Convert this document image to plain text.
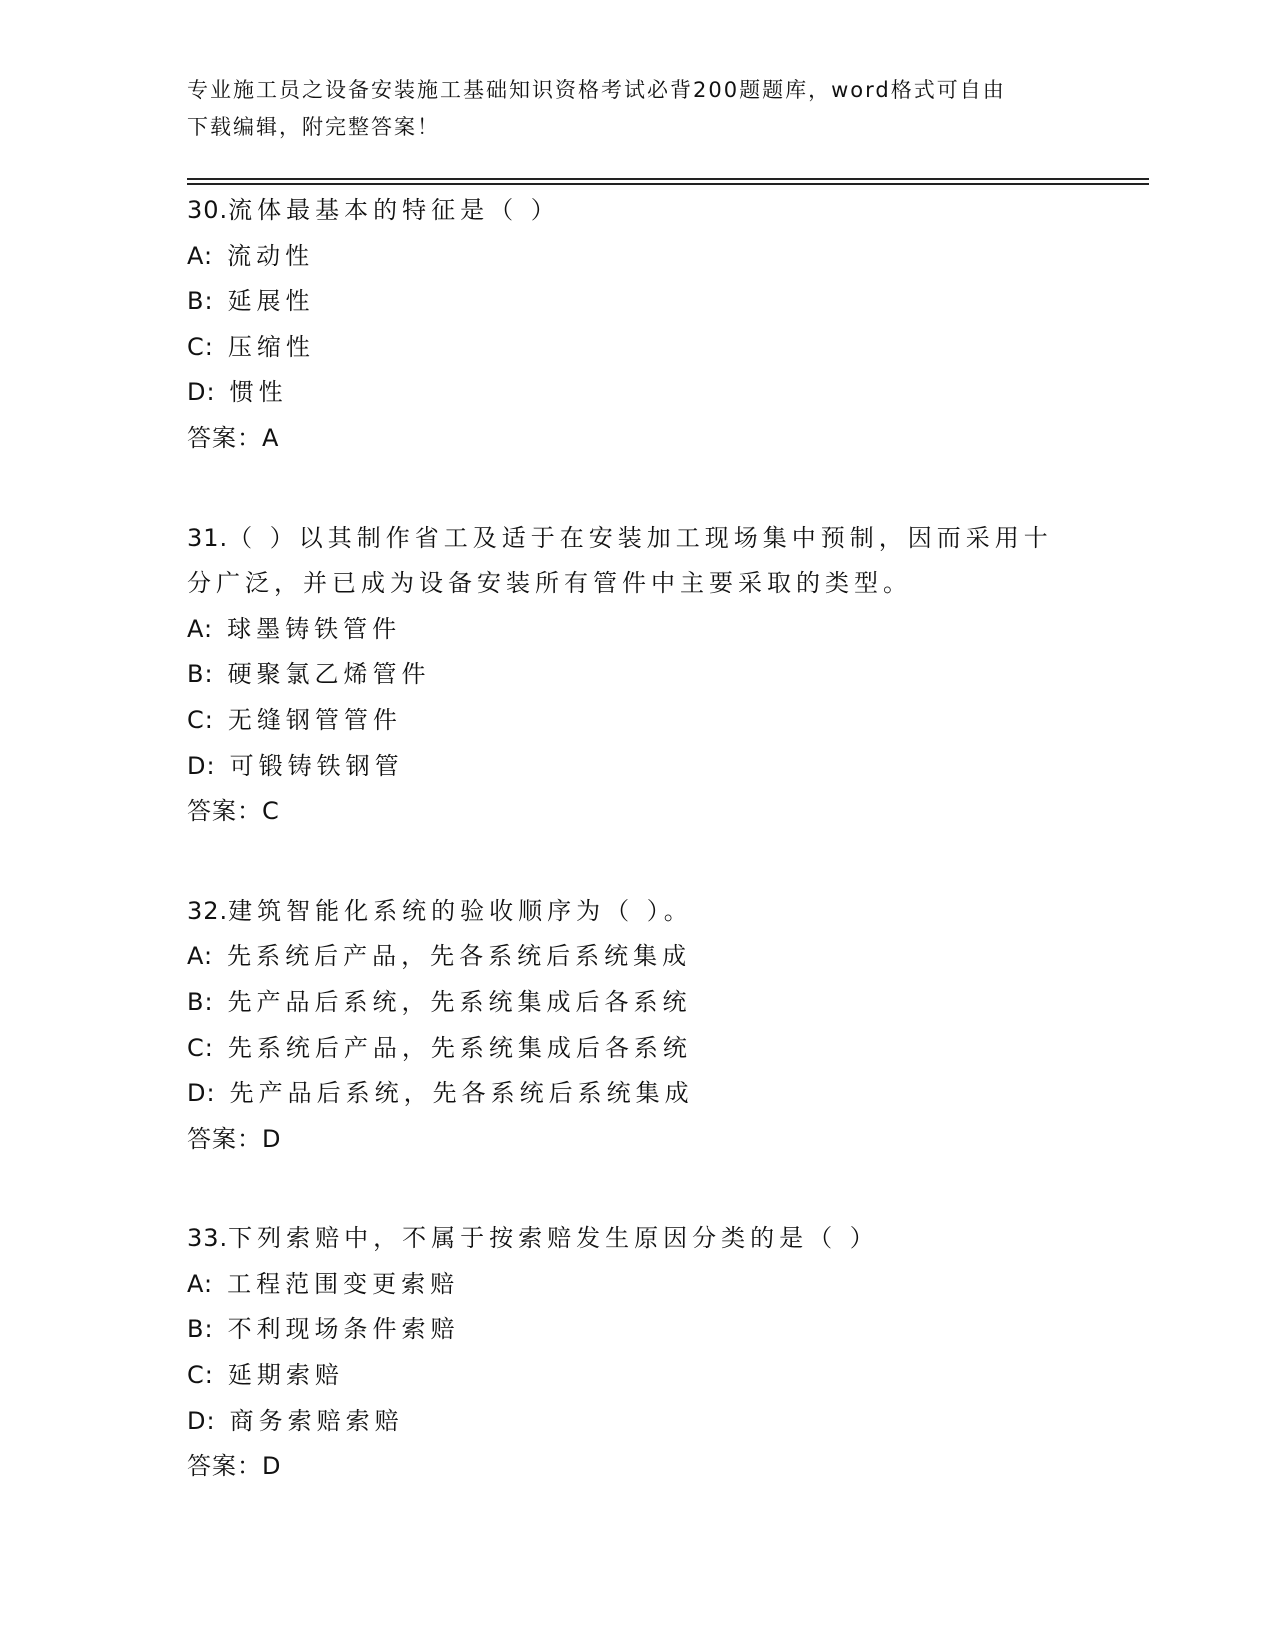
专业施工员之设备安装施工基础知识资格考试必背200题题库，word格式可自由
下载编辑，附完整答案！
30.流体最基本的特征是（ ）
A: 流动性
B: 延展性
C: 压缩性
D: 惯性
答案：A
31.（ ）以其制作省工及适于在安装加工现场集中预制，因而采用十
分广泛，并已成为设备安装所有管件中主要采取的类型。
A: 球墨铸铁管件
B: 硬聚氯乙烯管件
C: 无缝钢管管件
D: 可锻铸铁钢管
答案：C
32.建筑智能化系统的验收顺序为（ ）。
A: 先系统后产品，先各系统后系统集成
B: 先产品后系统，先系统集成后各系统
C: 先系统后产品，先系统集成后各系统
D: 先产品后系统，先各系统后系统集成
答案：D
33.下列索赔中，不属于按索赔发生原因分类的是（ ）
A: 工程范围变更索赔
B: 不利现场条件索赔
C: 延期索赔
D: 商务索赔索赔
答案：D
